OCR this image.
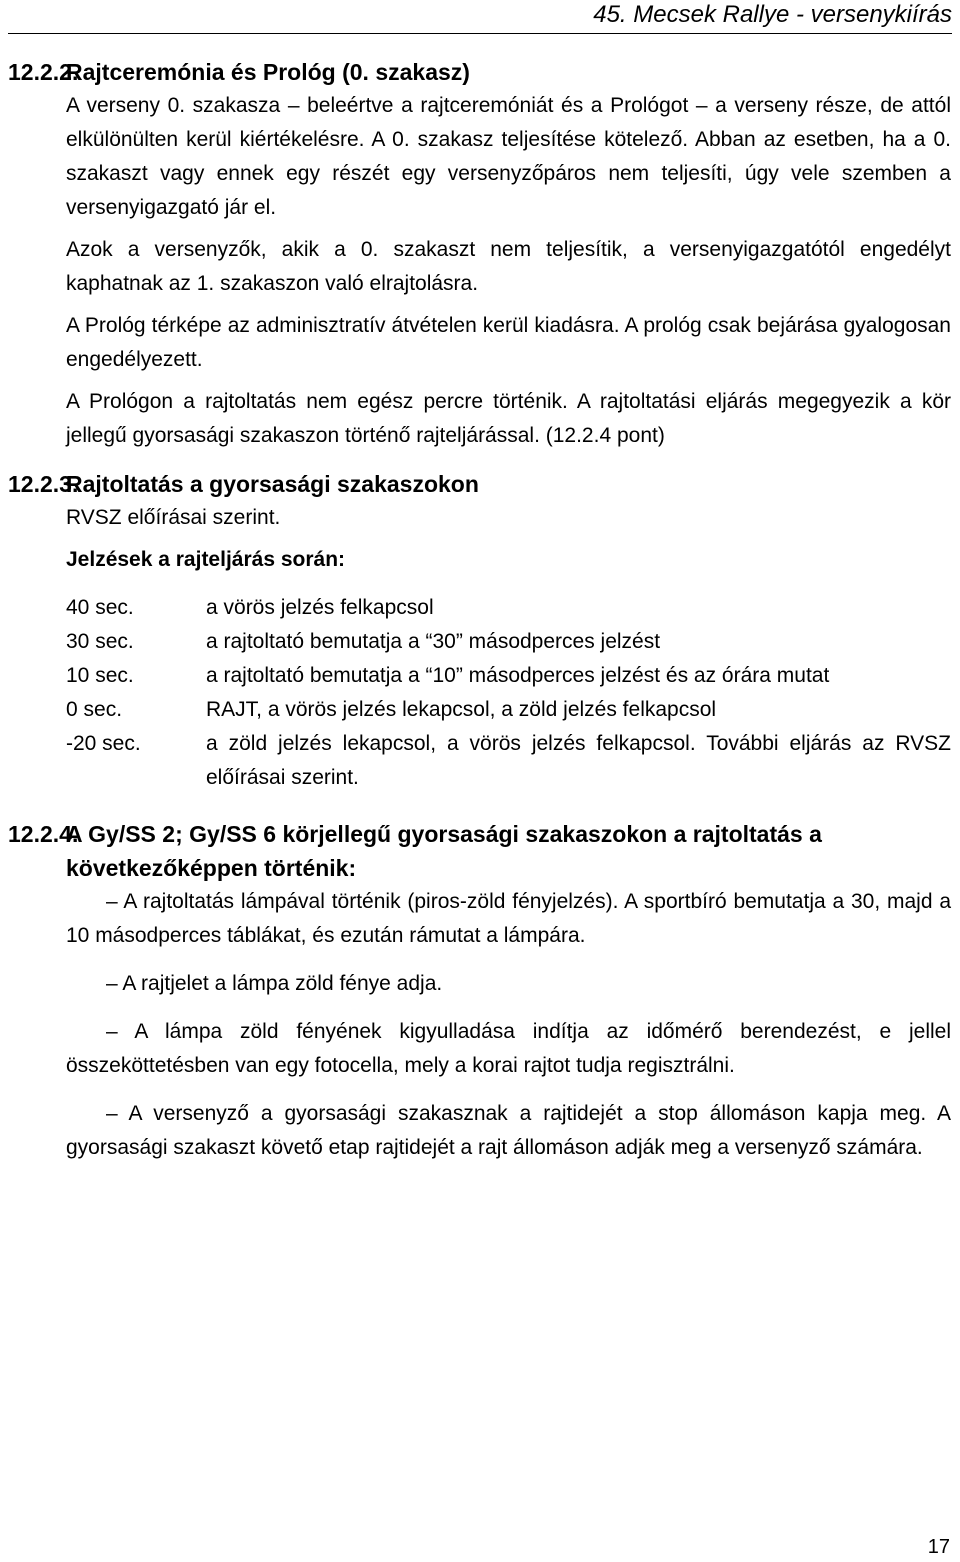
45. Mecsek Rallye - versenykiírás
12.2.2.
Rajtceremónia és Prológ (0. szakasz)
A verseny 0. szakasza – beleértve a rajtceremóniát és a Prológot – a verseny része, de attól elkülönülten kerül kiértékelésre. A 0. szakasz teljesítése kötelező. Abban az esetben, ha a 0. szakaszt vagy ennek egy részét egy versenyzőpáros nem teljesíti, úgy vele szemben a versenyigazgató jár el.
Azok a versenyzők, akik a 0. szakaszt nem teljesítik, a versenyigazgatótól engedélyt kaphatnak az 1. szakaszon való elrajtolásra.
A Prológ térképe az adminisztratív átvételen kerül kiadásra. A prológ csak bejárása gyalogosan engedélyezett.
A Prológon a rajtoltatás nem egész percre történik. A rajtoltatási eljárás megegyezik a kör jellegű gyorsasági szakaszon történő rajteljárással. (12.2.4 pont)
12.2.3.
Rajtoltatás a gyorsasági szakaszokon
RVSZ előírásai szerint.
Jelzések a rajteljárás során:
40 sec.	a vörös jelzés felkapcsol
30 sec.	a rajtoltató bemutatja a “30” másodperces jelzést
10 sec.	a rajtoltató bemutatja a “10” másodperces jelzést és az órára mutat
0 sec.	RAJT, a vörös jelzés lekapcsol, a zöld jelzés felkapcsol
-20 sec.	a zöld jelzés lekapcsol, a vörös jelzés felkapcsol. További eljárás az RVSZ előírásai szerint.
12.2.4.
A Gy/SS 2; Gy/SS 6 körjellegű gyorsasági szakaszokon a rajtoltatás a következőképpen történik:
– A rajtoltatás lámpával történik (piros-zöld fényjelzés). A sportbíró bemutatja a 30, majd a 10 másodperces táblákat, és ezután rámutat a lámpára.
– A rajtjelet a lámpa zöld fénye adja.
– A lámpa zöld fényének kigyulladása indítja az időmérő berendezést, e jellel összeköttetésben van egy fotocella, mely a korai rajtot tudja regisztrálni.
– A versenyző a gyorsasági szakasznak a rajtidejét a stop állomáson kapja meg. A gyorsasági szakaszt követő etap rajtidejét a rajt állomáson adják meg a versenyző számára.
17
